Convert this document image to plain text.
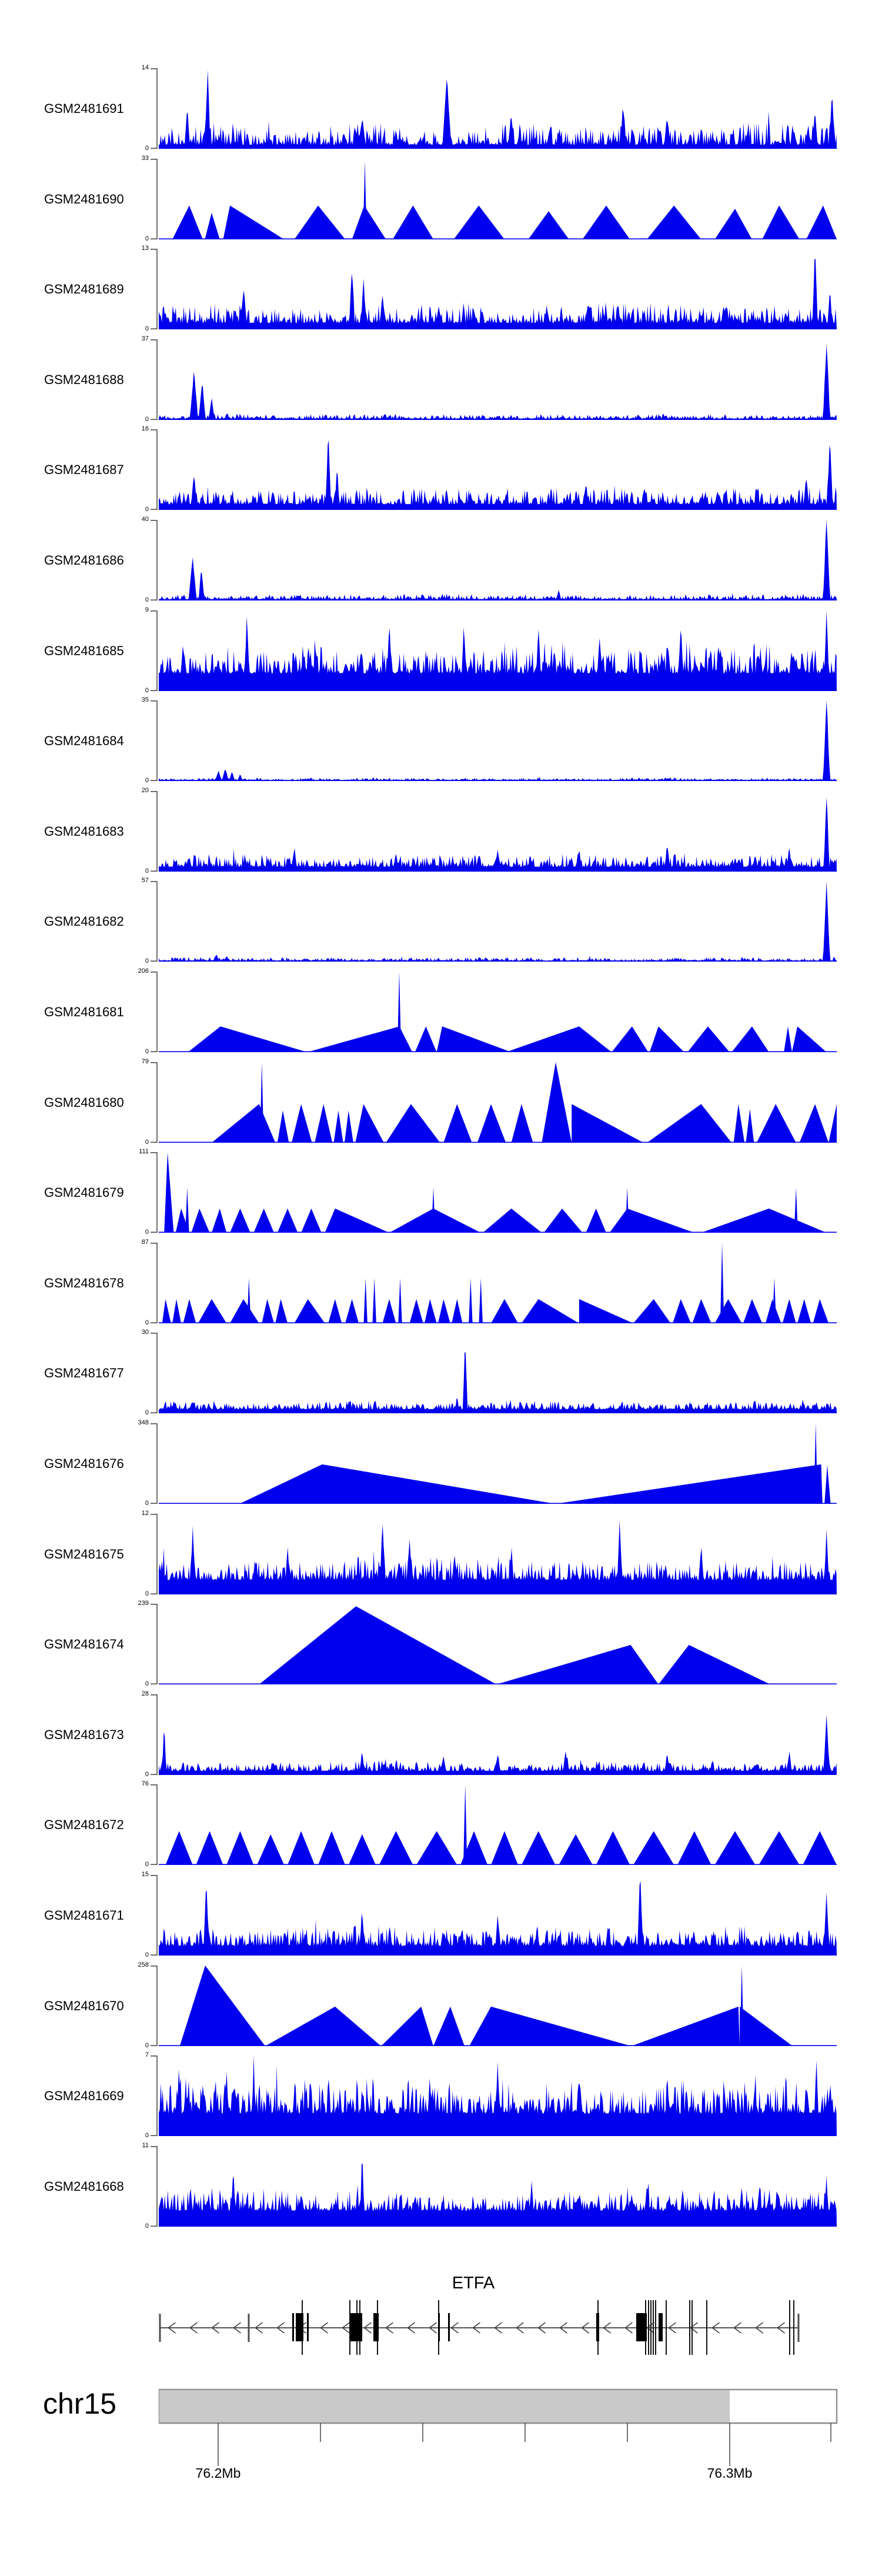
ETFA
chr15
76.2Mb	76.3Mb
GSM2481691
14
0
GSM2481690
33
0
GSM2481689
13
0
GSM2481688
37
0
GSM2481687
16
0
GSM2481686
40
0
GSM2481685
9
0
GSM2481684
35
0
GSM2481683
20
0
GSM2481682
57
0
GSM2481681
206
0
GSM2481680
79
0
GSM2481679
111
0
GSM2481678
87
0
GSM2481677
30
0
GSM2481676
348
0
GSM2481675
12
0
GSM2481674
239
0
GSM2481673
28
0
GSM2481672
76
0
GSM2481671
15
0
GSM2481670
258
0
GSM2481669
7
0
GSM2481668
11
0
